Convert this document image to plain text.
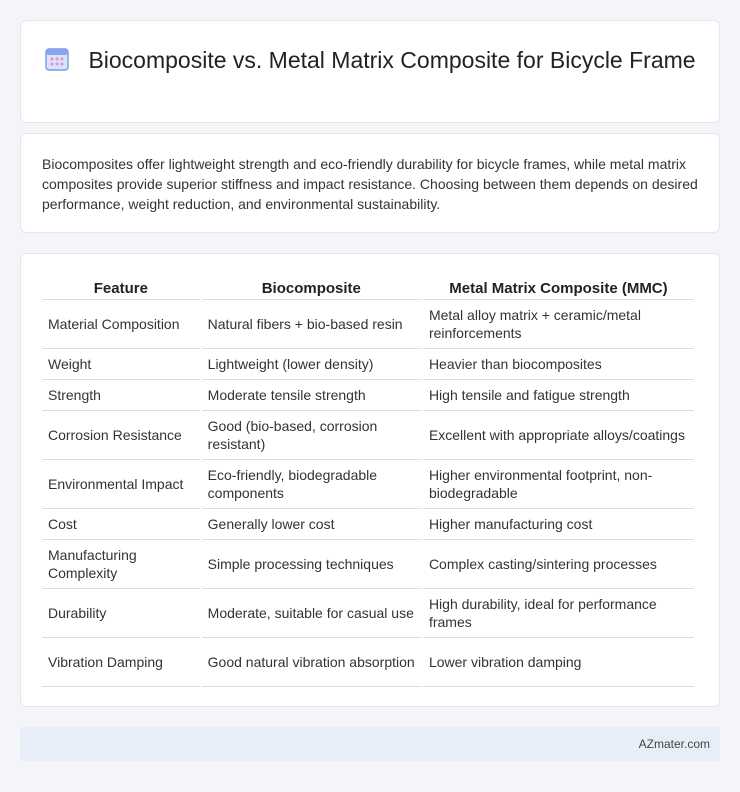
Biocomposite vs. Metal Matrix Composite for Bicycle Frame

Biocomposites offer lightweight strength and eco-friendly durability for bicycle frames, while metal matrix composites provide superior stiffness and impact resistance. Choosing between them depends on desired performance, weight reduction, and environmental sustainability.

Feature	Biocomposite	Metal Matrix Composite (MMC)
Material Composition	Natural fibers + bio-based resin	Metal alloy matrix + ceramic/metal reinforcements
Weight	Lightweight (lower density)	Heavier than biocomposites
Strength	Moderate tensile strength	High tensile and fatigue strength
Corrosion Resistance	Good (bio-based, corrosion resistant)	Excellent with appropriate alloys/coatings
Environmental Impact	Eco-friendly, biodegradable components	Higher environmental footprint, non-biodegradable
Cost	Generally lower cost	Higher manufacturing cost
Manufacturing Complexity	Simple processing techniques	Complex casting/sintering processes
Durability	Moderate, suitable for casual use	High durability, ideal for performance frames
Vibration Damping	Good natural vibration absorption	Lower vibration damping
AZmater.com
